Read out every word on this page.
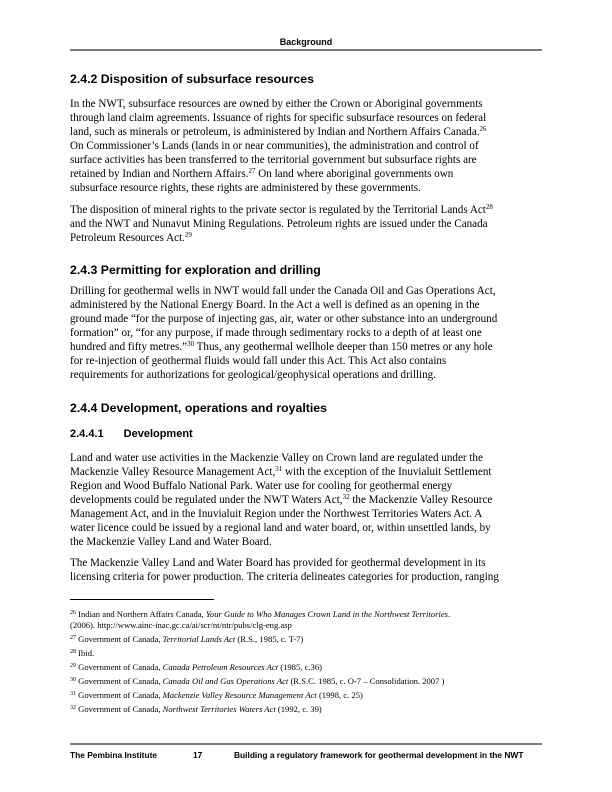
Background
2.4.2 Disposition of subsurface resources

In the NWT, subsurface resources are owned by either the Crown or Aboriginal governments
through land claim agreements. Issuance of rights for specific subsurface resources on federal
land, such as minerals or petroleum, is administered by Indian and Northern Affairs Canada.$^{26}$
On Commissioner’s Lands (lands in or near communities), the administration and control of
surface activities has been transferred to the territorial government but subsurface rights are
retained by Indian and Northern Affairs.$^{27}$ On land where aboriginal governments own
subsurface resource rights, these rights are administered by these governments.

The disposition of mineral rights to the private sector is regulated by the Territorial Lands Act$^{28}$
and the NWT and Nunavut Mining Regulations. Petroleum rights are issued under the Canada
Petroleum Resources Act.$^{29}$

2.4.3 Permitting for exploration and drilling

Drilling for geothermal wells in NWT would fall under the Canada Oil and Gas Operations Act,
administered by the National Energy Board. In the Act a well is defined as an opening in the
ground made “for the purpose of injecting gas, air, water or other substance into an underground
formation” or, “for any purpose, if made through sedimentary rocks to a depth of at least one
hundred and fifty metres.”$^{30}$ Thus, any geothermal wellhole deeper than 150 metres or any hole
for re-injection of geothermal fluids would fall under this Act. This Act also contains
requirements for authorizations for geological/geophysical operations and drilling.

2.4.4 Development, operations and royalties
2.4.4.1 Development

Land and water use activities in the Mackenzie Valley on Crown land are regulated under the
Mackenzie Valley Resource Management Act,$^{31}$ with the exception of the Inuvialuit Settlement
Region and Wood Buffalo National Park. Water use for cooling for geothermal energy
developments could be regulated under the NWT Waters Act,$^{32}$ the Mackenzie Valley Resource
Management Act, and in the Inuvialuit Region under the Northwest Territories Waters Act. A
water licence could be issued by a regional land and water board, or, within unsettled lands, by
the Mackenzie Valley Land and Water Board.

The Mackenzie Valley Land and Water Board has provided for geothermal development in its
licensing criteria for power production. The criteria delineates categories for production, ranging

$^{26}$ Indian and Northern Affairs Canada, Your Guide to Who Manages Crown Land in the Northwest Territories.
(2006). http://www.ainc-inac.gc.ca/ai/scr/nt/ntr/pubs/clg-eng.asp
$^{27}$ Government of Canada, Territorial Lands Act (R.S., 1985, c. T-7)
$^{28}$ Ibid.
$^{29}$ Government of Canada, Canada Petroleum Resources Act (1985, c.36)
$^{30}$ Government of Canada, Canada Oil and Gas Operations Act (R.S.C. 1985, c. O-7 – Consolidation. 2007 )
$^{31}$ Government of Canada, Mackenzie Valley Resource Management Act (1998, c. 25)
$^{32}$ Government of Canada, Northwest Territories Waters Act (1992, c. 39)
The Pembina Institute	17	Building a regulatory framework for geothermal development in the NWT
